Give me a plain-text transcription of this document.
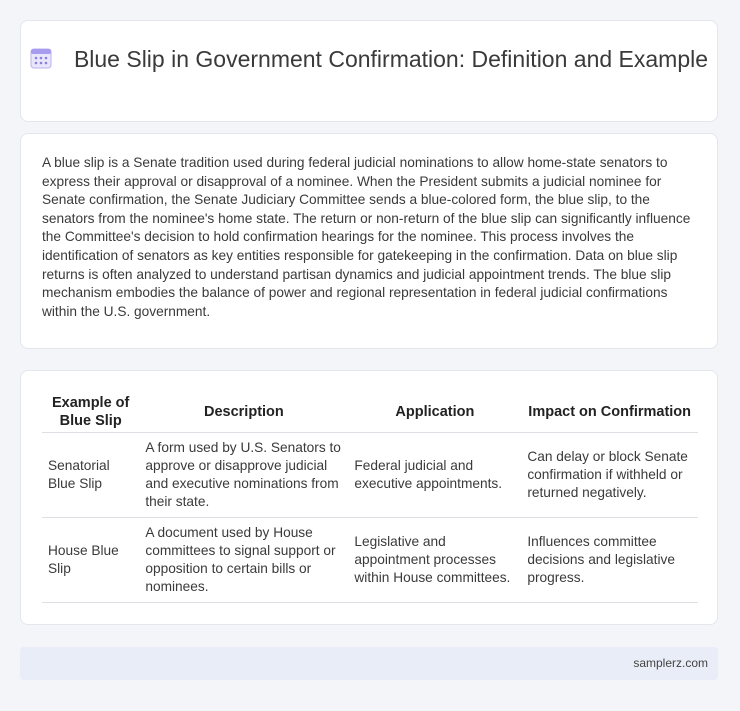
Blue Slip in Government Confirmation: Definition and Example

A blue slip is a Senate tradition used during federal judicial nominations to allow home-state senators to express their approval or disapproval of a nominee. When the President submits a judicial nominee for Senate confirmation, the Senate Judiciary Committee sends a blue-colored form, the blue slip, to the senators from the nominee's home state. The return or non-return of the blue slip can significantly influence the Committee's decision to hold confirmation hearings for the nominee. This process involves the identification of senators as key entities responsible for gatekeeping in the confirmation. Data on blue slip returns is often analyzed to understand partisan dynamics and judicial appointment trends. The blue slip mechanism embodies the balance of power and regional representation in federal judicial confirmations within the U.S. government.

Example of Blue Slip	Description	Application	Impact on Confirmation
Senatorial Blue Slip	A form used by U.S. Senators to approve or disapprove judicial and executive nominations from their state.	Federal judicial and executive appointments.	Can delay or block Senate confirmation if withheld or returned negatively.
House Blue Slip	A document used by House committees to signal support or opposition to certain bills or nominees.	Legislative and appointment processes within House committees.	Influences committee decisions and legislative progress.
samplerz.com
